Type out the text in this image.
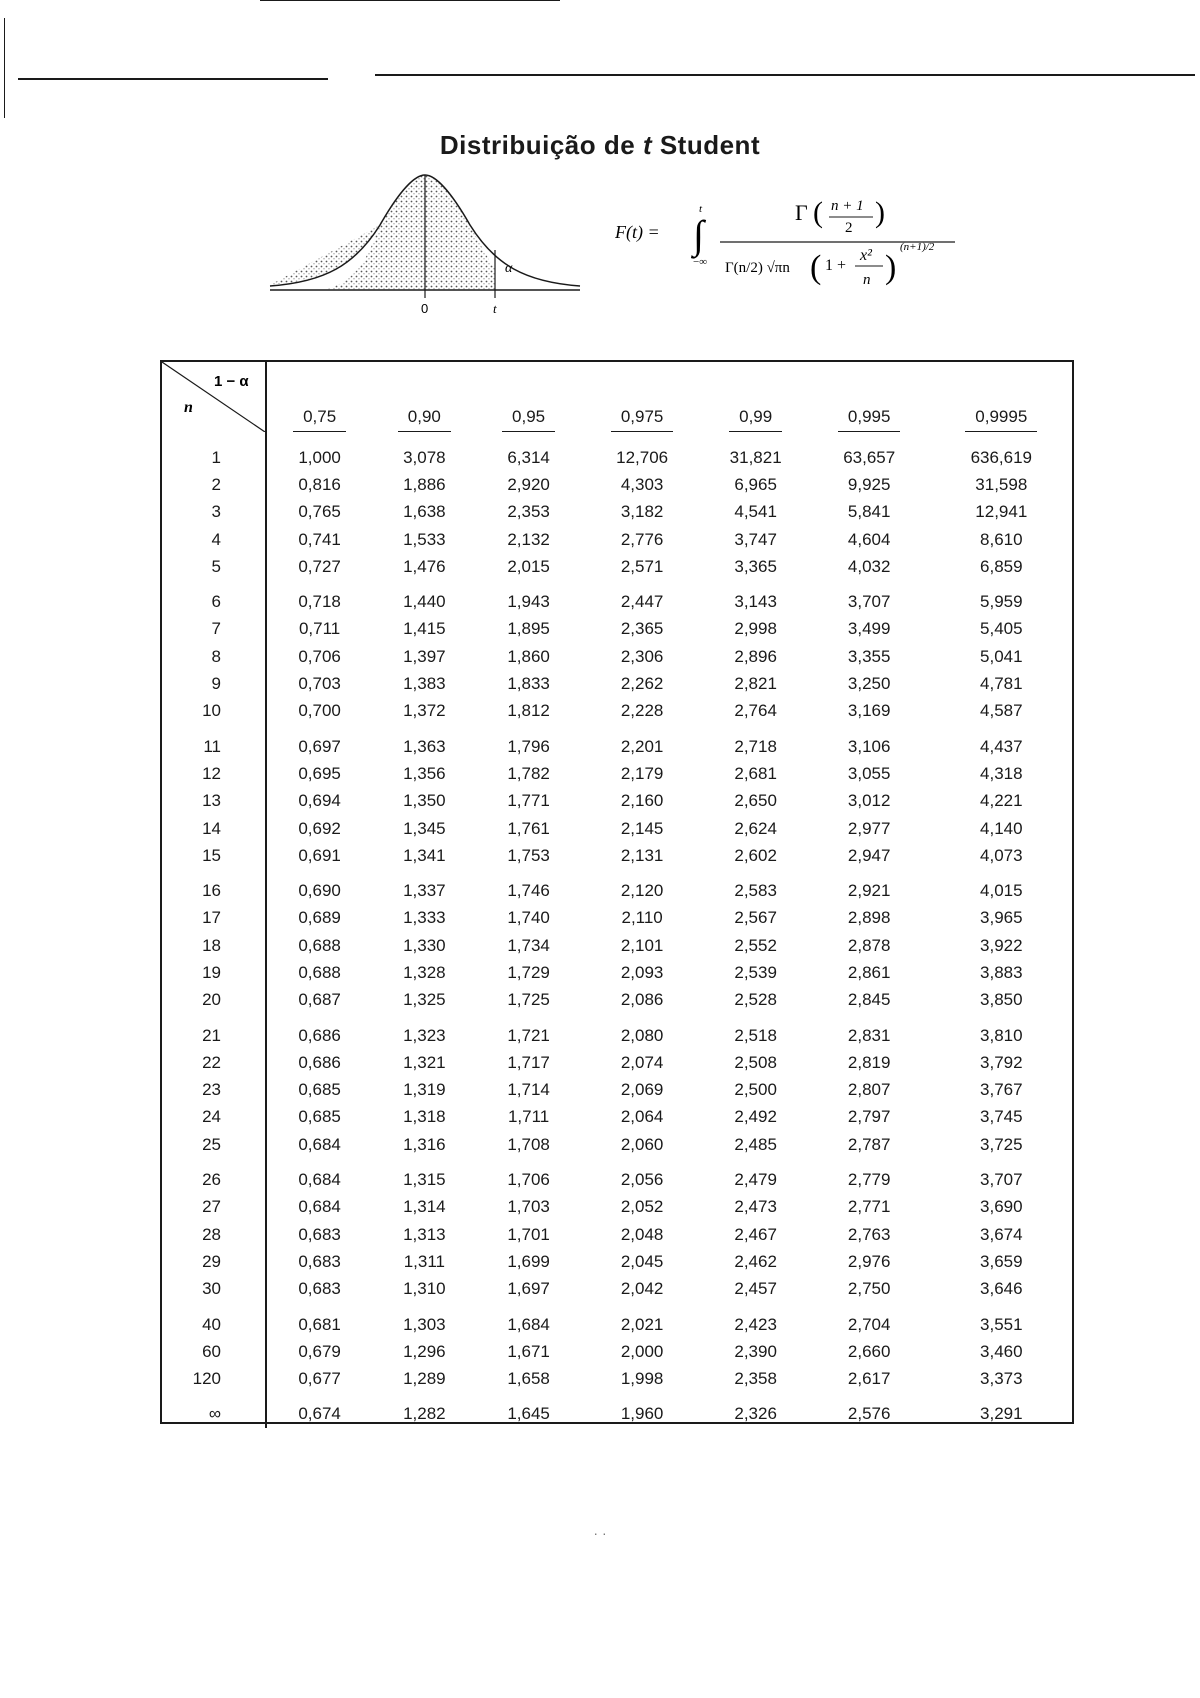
Distribuição de t Student
0	t
α
F(t) = ∫
t
−∞
Γ ( n + 1
2 )
Γ(n/2) √πn ( 1 +
x²
n )
(n+1)/2
1 − α
n	0,75	0,90	0,95	0,975	0,99	0,995	0,9995
1	1,000	3,078	6,314	12,706	31,821	63,657	636,619
2	0,816	1,886	2,920	4,303	6,965	9,925	31,598
3	0,765	1,638	2,353	3,182	4,541	5,841	12,941
4	0,741	1,533	2,132	2,776	3,747	4,604	8,610
5	0,727	1,476	2,015	2,571	3,365	4,032	6,859

6	0,718	1,440	1,943	2,447	3,143	3,707	5,959
7	0,711	1,415	1,895	2,365	2,998	3,499	5,405
8	0,706	1,397	1,860	2,306	2,896	3,355	5,041
9	0,703	1,383	1,833	2,262	2,821	3,250	4,781
10	0,700	1,372	1,812	2,228	2,764	3,169	4,587

11	0,697	1,363	1,796	2,201	2,718	3,106	4,437
12	0,695	1,356	1,782	2,179	2,681	3,055	4,318
13	0,694	1,350	1,771	2,160	2,650	3,012	4,221
14	0,692	1,345	1,761	2,145	2,624	2,977	4,140
15	0,691	1,341	1,753	2,131	2,602	2,947	4,073

16	0,690	1,337	1,746	2,120	2,583	2,921	4,015
17	0,689	1,333	1,740	2,110	2,567	2,898	3,965
18	0,688	1,330	1,734	2,101	2,552	2,878	3,922
19	0,688	1,328	1,729	2,093	2,539	2,861	3,883
20	0,687	1,325	1,725	2,086	2,528	2,845	3,850

21	0,686	1,323	1,721	2,080	2,518	2,831	3,810
22	0,686	1,321	1,717	2,074	2,508	2,819	3,792
23	0,685	1,319	1,714	2,069	2,500	2,807	3,767
24	0,685	1,318	1,711	2,064	2,492	2,797	3,745
25	0,684	1,316	1,708	2,060	2,485	2,787	3,725

26	0,684	1,315	1,706	2,056	2,479	2,779	3,707
27	0,684	1,314	1,703	2,052	2,473	2,771	3,690
28	0,683	1,313	1,701	2,048	2,467	2,763	3,674
29	0,683	1,311	1,699	2,045	2,462	2,976	3,659
30	0,683	1,310	1,697	2,042	2,457	2,750	3,646

40	0,681	1,303	1,684	2,021	2,423	2,704	3,551
60	0,679	1,296	1,671	2,000	2,390	2,660	3,460
120	0,677	1,289	1,658	1,998	2,358	2,617	3,373

∞	0,674	1,282	1,645	1,960	2,326	2,576	3,291
· ·
